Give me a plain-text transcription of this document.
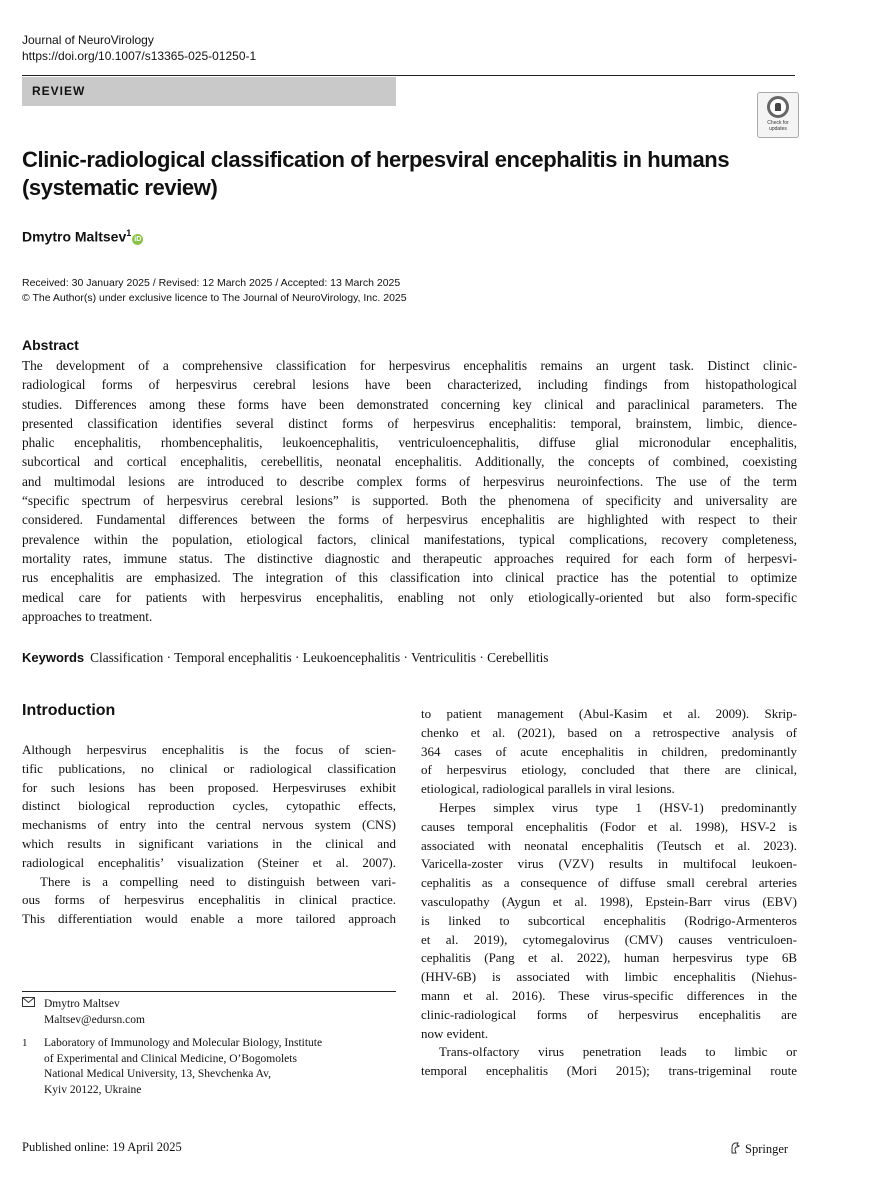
Journal of NeuroVirology
https://doi.org/10.1007/s13365-025-01250-1
REVIEW
Check for
updates
Clinic-radiological classification of herpesviral encephalitis in humans
(systematic review)
Dmytro Maltsev$^1$iD
Received: 30 January 2025 / Revised: 12 March 2025 / Accepted: 13 March 2025
© The Author(s) under exclusive licence to The Journal of NeuroVirology, Inc. 2025
Abstract
The development of a comprehensive classification for herpesvirus encephalitis remains an urgent task. Distinct clinic-
radiological forms of herpesvirus cerebral lesions have been characterized, including findings from histopathological
studies. Differences among these forms have been demonstrated concerning key clinical and paraclinical parameters. The
presented classification identifies several distinct forms of herpesvirus encephalitis: temporal, brainstem, limbic, dience-
phalic encephalitis, rhombencephalitis, leukoencephalitis, ventriculoencephalitis, diffuse glial micronodular encephalitis,
subcortical and cortical encephalitis, cerebellitis, neonatal encephalitis. Additionally, the concepts of combined, coexisting
and multimodal lesions are introduced to describe complex forms of herpesvirus neuroinfections. The use of the term
“specific spectrum of herpesvirus cerebral lesions” is supported. Both the phenomena of specificity and universality are
considered. Fundamental differences between the forms of herpesvirus encephalitis are highlighted with respect to their
prevalence within the population, etiological factors, clinical manifestations, typical complications, recovery completeness,
mortality rates, immune status. The distinctive diagnostic and therapeutic approaches required for each form of herpesvi-
rus encephalitis are emphasized. The integration of this classification into clinical practice has the potential to optimize
medical care for patients with herpesvirus encephalitis, enabling not only etiologically-oriented but also form-specific
approaches to treatment.
Keywords Classification · Temporal encephalitis · Leukoencephalitis · Ventriculitis · Cerebellitis
Introduction
Although herpesvirus encephalitis is the focus of scien-
tific publications, no clinical or radiological classification
for such lesions has been proposed. Herpesviruses exhibit
distinct biological reproduction cycles, cytopathic effects,
mechanisms of entry into the central nervous system (CNS)
which results in significant variations in the clinical and
radiological encephalitis’ visualization (Steiner et al. 2007).
There is a compelling need to distinguish between vari-
ous forms of herpesvirus encephalitis in clinical practice.
This differentiation would enable a more tailored approach
to patient management (Abul-Kasim et al. 2009). Skrip-
chenko et al. (2021), based on a retrospective analysis of
364 cases of acute encephalitis in children, predominantly
of herpesvirus etiology, concluded that there are clinical,
etiological, radiological parallels in viral lesions.
Herpes simplex virus type 1 (HSV-1) predominantly
causes temporal encephalitis (Fodor et al. 1998), HSV-2 is
associated with neonatal encephalitis (Teutsch et al. 2023).
Varicella-zoster virus (VZV) results in multifocal leukoen-
cephalitis as a consequence of diffuse small cerebral arteries
vasculopathy (Aygun et al. 1998), Epstein-Barr virus (EBV)
is linked to subcortical encephalitis (Rodrigo-Armenteros
et al. 2019), cytomegalovirus (CMV) causes ventriculoen-
cephalitis (Pang et al. 2022), human herpesvirus type 6B
(HHV-6B) is associated with limbic encephalitis (Niehus-
mann et al. 2016). These virus-specific differences in the
clinic-radiological forms of herpesvirus encephalitis are
now evident.
Trans-olfactory virus penetration leads to limbic or
temporal encephalitis (Mori 2015); trans-trigeminal route
Dmytro Maltsev
Maltsev@edursn.com
1 Laboratory of Immunology and Molecular Biology, Institute
of Experimental and Clinical Medicine, O’Bogomolets
National Medical University, 13, Shevchenka Av,
Kyiv 20122, Ukraine
Published online: 19 April 2025	Springer
